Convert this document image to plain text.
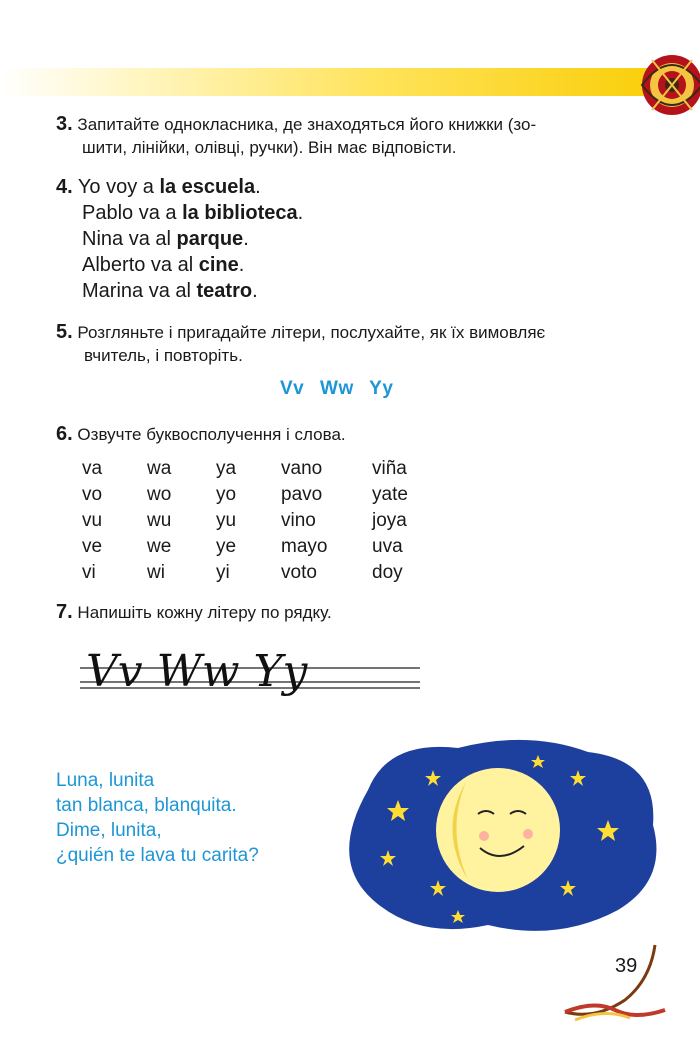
3. Запитайте однокласника, де знаходяться його книжки (зо-
шити, лінійки, олівці, ручки). Він має відповісти.
4. Yo voy a la escuela.
Pablo va a la biblioteca.
Nina va al parque.
Alberto va al cine.
Marina va al teatro.
5. Розгляньте і пригадайте літери, послухайте, як їх вимовляє
вчитель, і повторіть.
Vv Ww Yy
6. Озвучте буквосполучення і слова.
va	wa	ya	vano	viña
vo	wo	yo	pavo	yate
vu	wu	yu	vino	joya
ve	we	ye	mayo	uva
vi	wi	yi	voto	doy
7. Напишіть кожну літеру по рядку.
Vv Ww Yy
Luna, lunita
tan blanca, blanquita.
Dime, lunita,
¿quién te lava tu carita?
39
